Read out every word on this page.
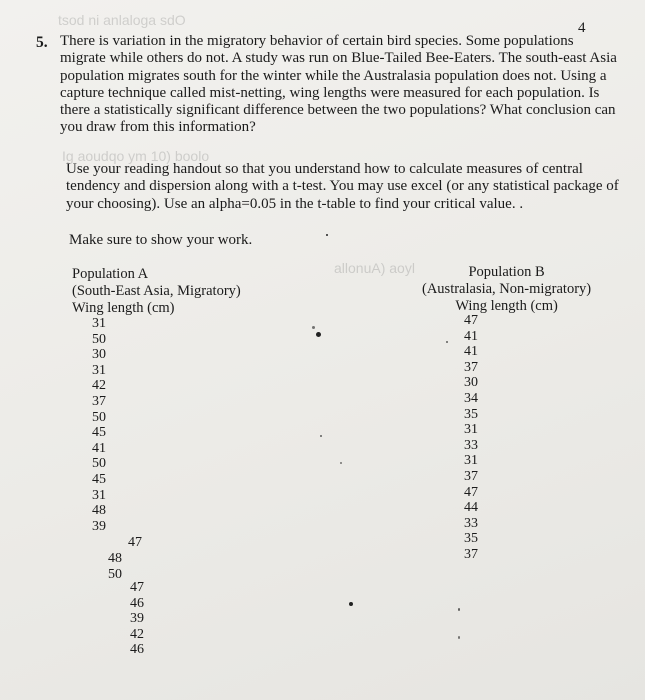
tsod ni anlaloga sdO
Ig aoudqo ym 10) boolo
allonuA) aoyl
4
5. There is variation in the migratory behavior of certain bird species. Some populations
migrate while others do not. A study was run on Blue-Tailed Bee-Eaters. The south-east Asia
population migrates south for the winter while the Australasia population does not. Using a
capture technique called mist-netting, wing lengths were measured for each population. Is
there a statistically significant difference between the two populations? What conclusion can
you draw from this information?
Use your reading handout so that you understand how to calculate measures of central
tendency and dispersion along with a t-test. You may use excel (or any statistical package of
your choosing). Use an alpha=0.05 in the t-table to find your critical value. .
Make sure to show your work.
Population A
(South-East Asia, Migratory)
Wing length (cm)
31
50
30
31
42
37
50
45
41
50
45
31
48
39
47
48
50
47
46
39
42
46
Population B
(Australasia, Non-migratory)
Wing length (cm)
47
41
41
37
30
34
35
31
33
31
37
47
44
33
35
37
